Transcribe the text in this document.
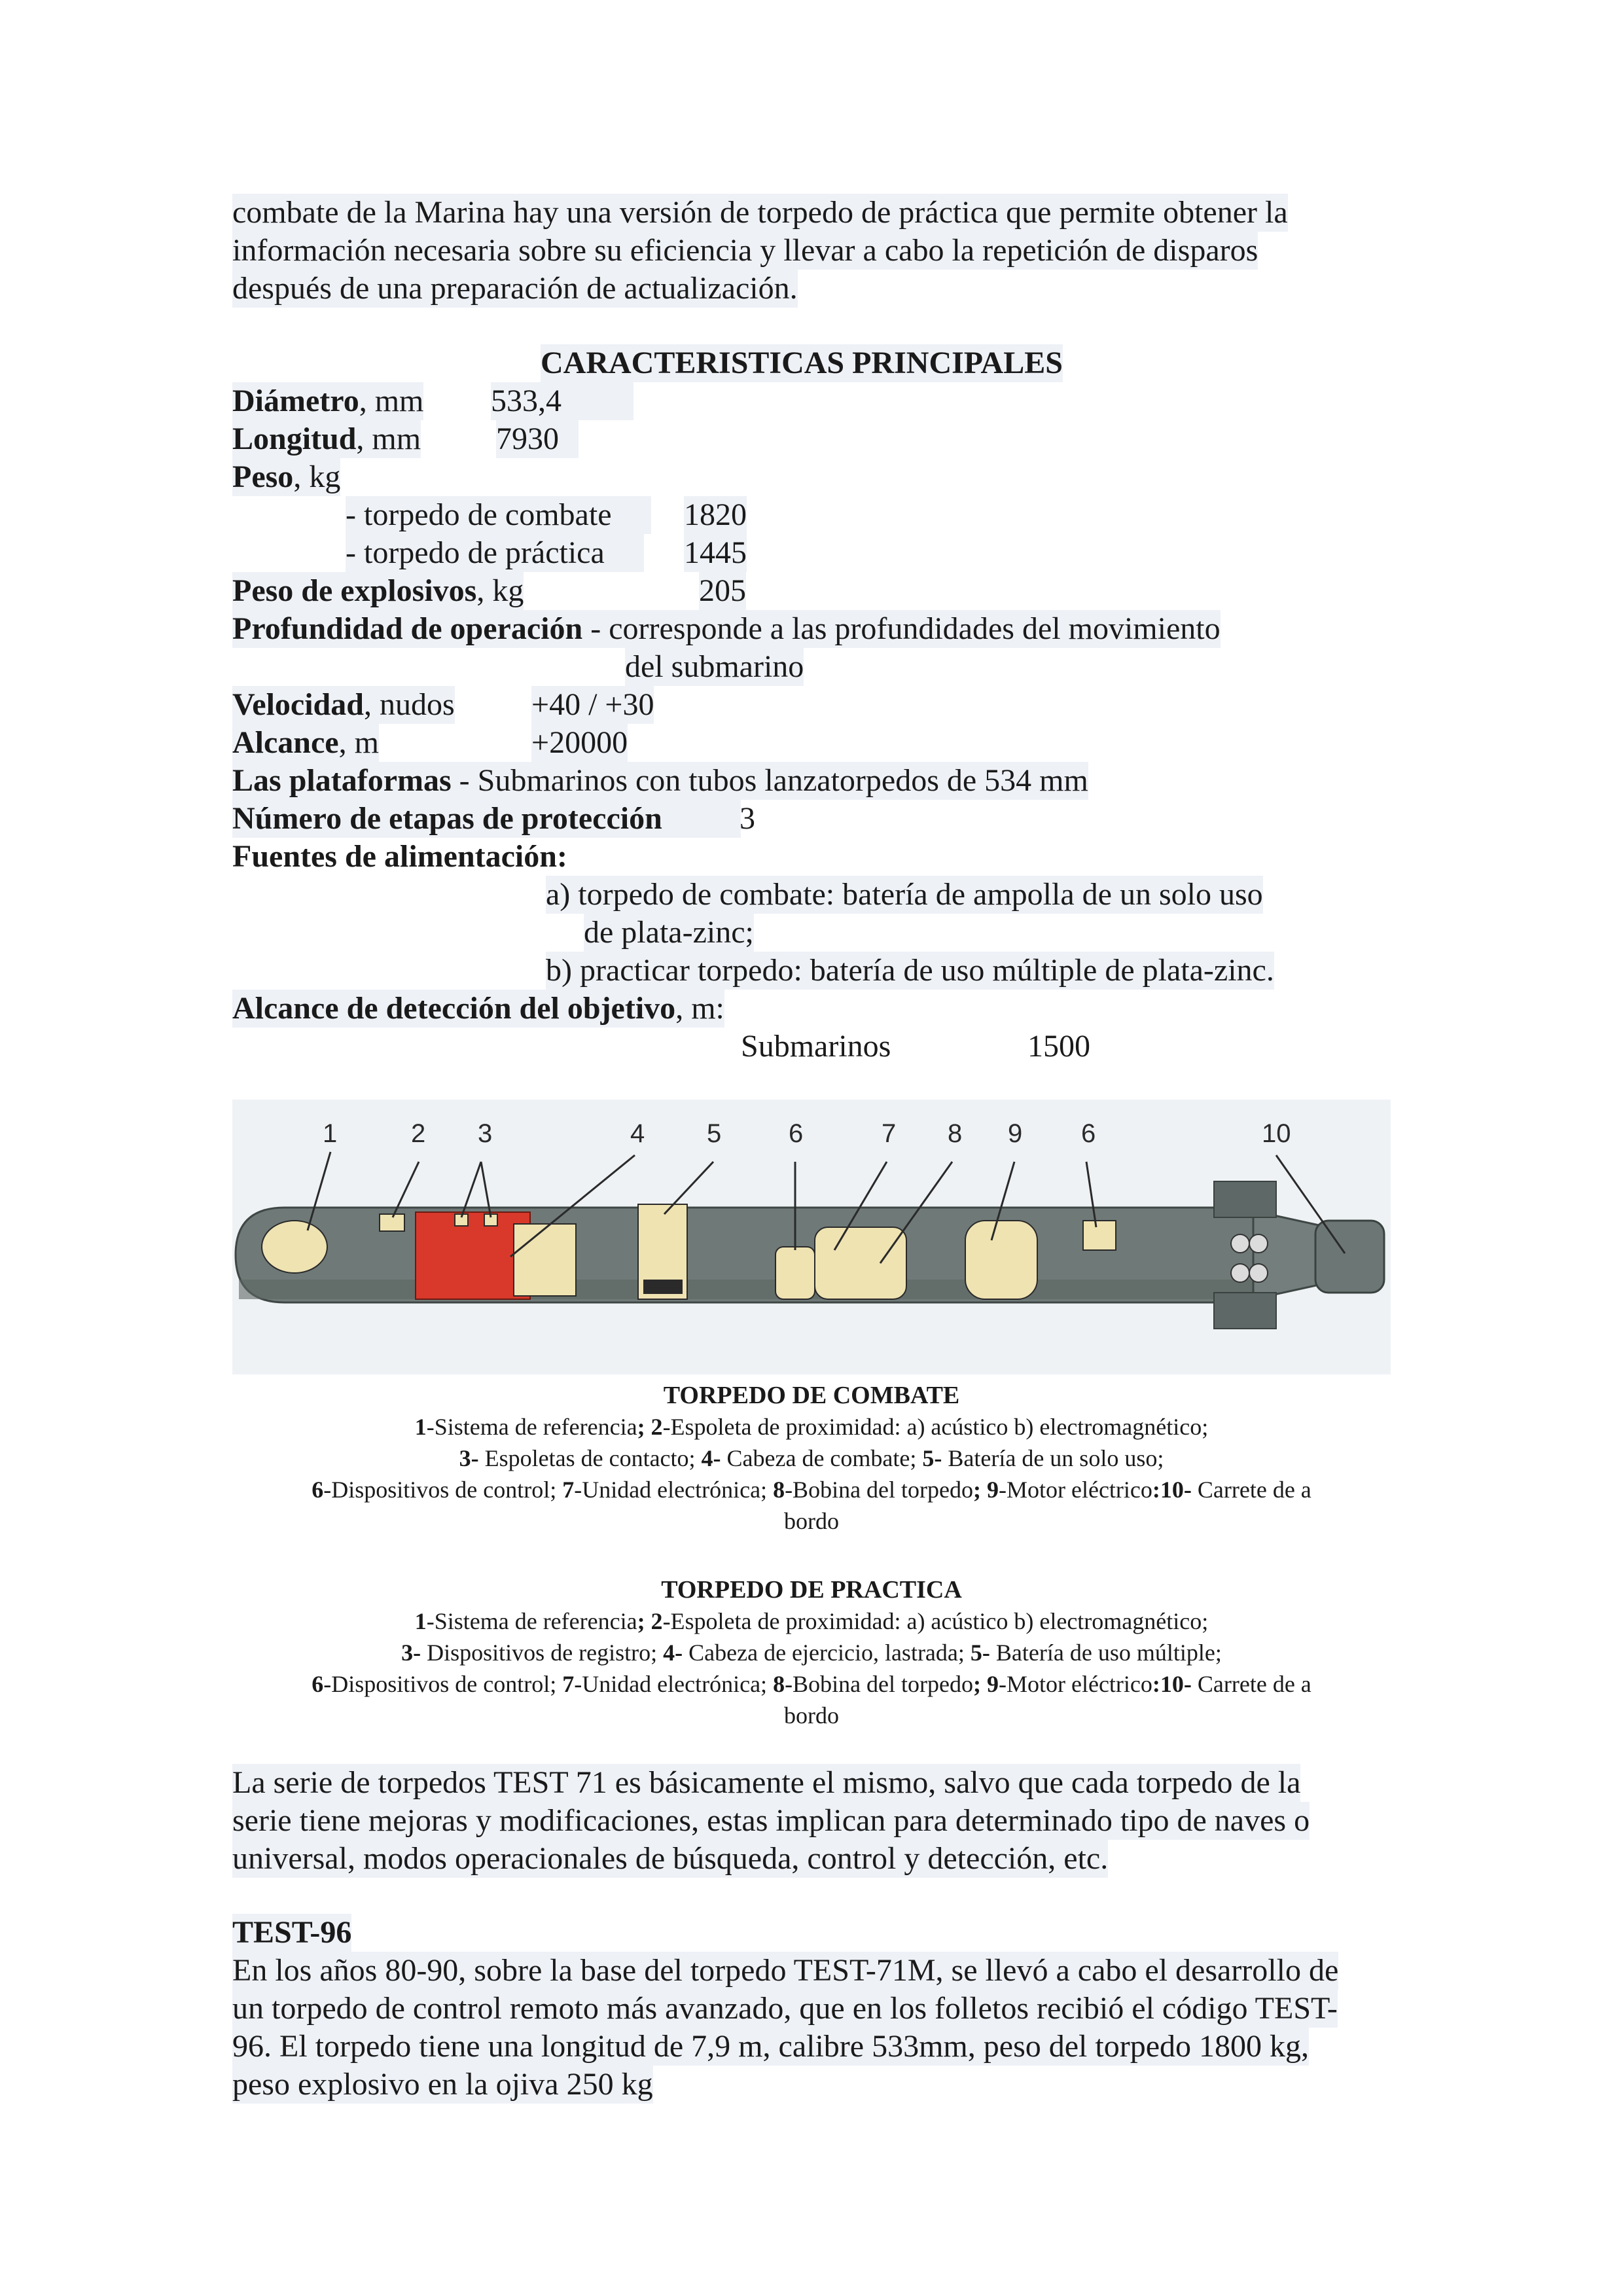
combate de la Marina hay una versión de torpedo de práctica que permite obtener la
información necesaria sobre su eficiencia y llevar a cabo la repetición de disparos
después de una preparación de actualización.
CARACTERISTICAS PRINCIPALES
Diámetro, mm 533,4
Longitud, mm 7930
Peso, kg
- torpedo de combate	1820
- torpedo de práctica	1445
Peso de explosivos, kg	205
Profundidad de operación - corresponde a las profundidades del movimiento
del submarino
Velocidad, nudos +40 / +30
Alcance, m	+20000
Las plataformas - Submarinos con tubos lanzatorpedos de 534 mm
Número de etapas de protección	3
Fuentes de alimentación:
a) torpedo de combate: batería de ampolla de un solo uso
de plata-zinc;
b) practicar torpedo: batería de uso múltiple de plata-zinc.
Alcance de detección del objetivo, m:
Submarinos	1500
1	2 3	4 5	6	7 8 9 6	10
TORPEDO DE COMBATE
1-Sistema de referencia; 2-Espoleta de proximidad: a) acústico b) electromagnético;
3- Espoletas de contacto; 4- Cabeza de combate; 5- Batería de un solo uso;
6-Dispositivos de control; 7-Unidad electrónica; 8-Bobina del torpedo; 9-Motor eléctrico:10- Carrete de a
bordo
TORPEDO DE PRACTICA
1-Sistema de referencia; 2-Espoleta de proximidad: a) acústico b) electromagnético;
3- Dispositivos de registro; 4- Cabeza de ejercicio, lastrada; 5- Batería de uso múltiple;
6-Dispositivos de control; 7-Unidad electrónica; 8-Bobina del torpedo; 9-Motor eléctrico:10- Carrete de a
bordo
La serie de torpedos TEST 71 es básicamente el mismo, salvo que cada torpedo de la
serie tiene mejoras y modificaciones, estas implican para determinado tipo de naves o
universal, modos operacionales de búsqueda, control y detección, etc.
TEST-96
En los años 80-90, sobre la base del torpedo TEST-71M, se llevó a cabo el desarrollo de
un torpedo de control remoto más avanzado, que en los folletos recibió el código TEST-
96. El torpedo tiene una longitud de 7,9 m, calibre 533mm, peso del torpedo 1800 kg,
peso explosivo en la ojiva 250 kg
